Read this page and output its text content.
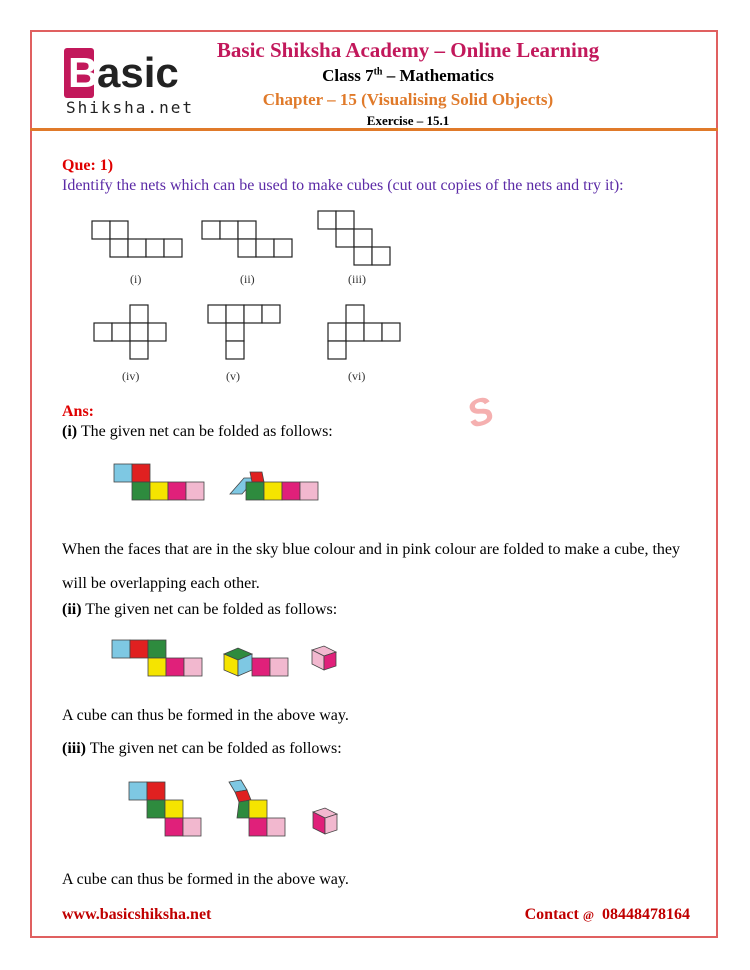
B
asic
Shiksha.net
Basic Shiksha Academy – Online Learning
Class 7th – Mathematics
Chapter – 15 (Visualising Solid Objects)
Exercise – 15.1
S
Que: 1)
Identify the nets which can be used to make cubes (cut out copies of the nets and try it):
(i)	(ii)	(iii)
(iv)	(v)	(vi)
Ans:
(i) The given net can be folded as follows:
When the faces that are in the sky blue colour and in pink colour are folded to make a cube, they will be overlapping each other.
(ii) The given net can be folded as follows:
A cube can thus be formed in the above way.
(iii) The given net can be folded as follows:
A cube can thus be formed in the above way.
www.basicshiksha.net	Contact @ 08448478164
